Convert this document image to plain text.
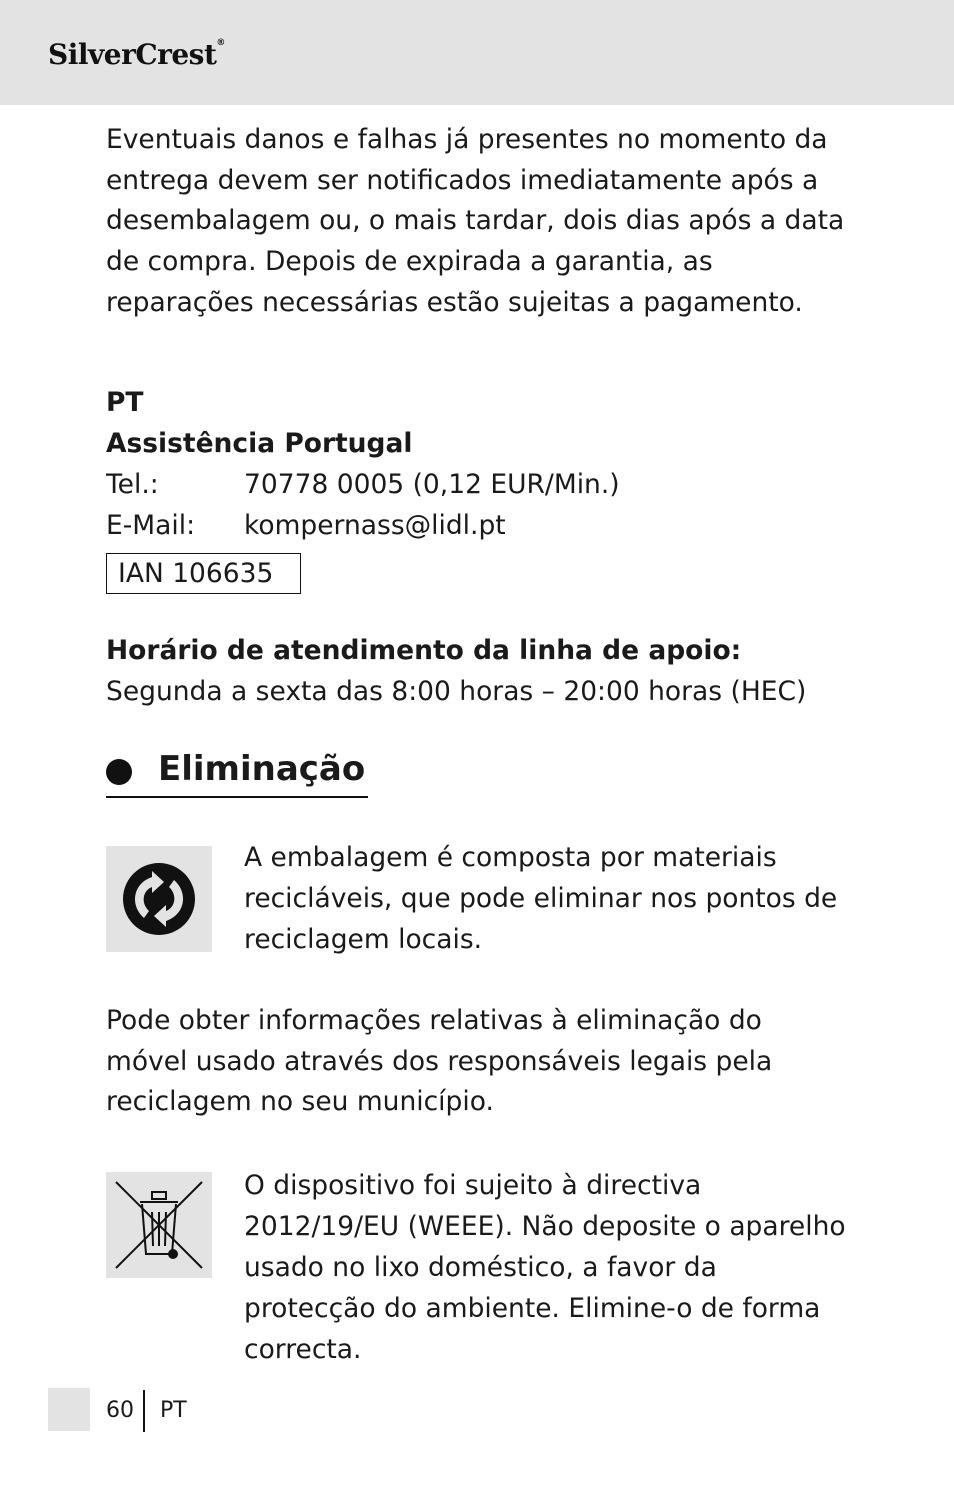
SilverCrest®

Eventuais danos e falhas já presentes no momento da entrega devem ser notificados imediatamente após a desembalagem ou, o mais tardar, dois dias após a data de compra. Depois de expirada a garantia, as reparações necessárias estão sujeitas a pagamento.

PT
Assistência Portugal
Tel.:	70778 0005 (0,12 EUR/Min.)
E-Mail: kompernass@lidl.pt
IAN 106635
Horário de atendimento da linha de apoio:
Segunda a sexta das 8:00 horas – 20:00 horas (HEC)
Eliminação

A embalagem é composta por materiais recicláveis, que pode eliminar nos pontos de reciclagem locais.

Pode obter informações relativas à eliminação do móvel usado através dos responsáveis legais pela reciclagem no seu município.

O dispositivo foi sujeito à directiva 2012/19/EU (WEEE). Não deposite o aparelho usado no lixo doméstico, a favor da protecção do ambiente. Elimine-o de forma correcta.

60 PT
